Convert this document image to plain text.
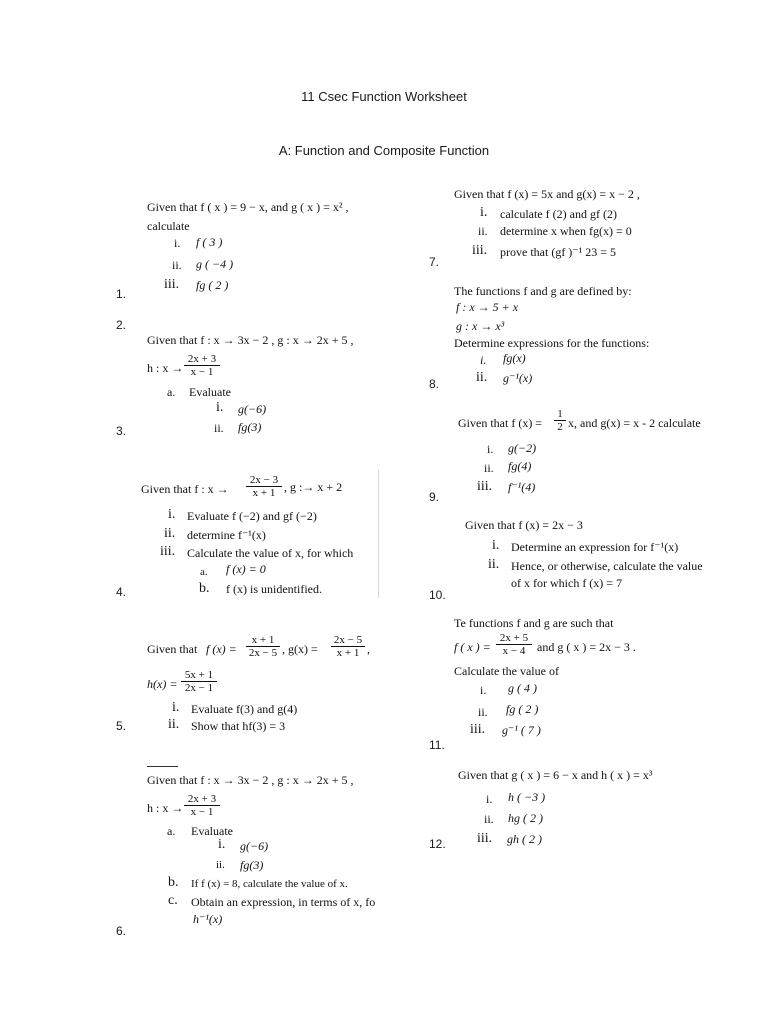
11 Csec Function Worksheet
A: Function and Composite Function
1.
2.
3.
4.
5.
6.
7.
8.
9.
10.
11.
12.
Given that f ( x ) = 9 − x, and g ( x ) = x² ,
calculate
i. f ( 3 )
ii. g ( −4 )
iii. fg ( 2 )
Given that f : x → 3x − 2 , g : x → 2x + 5 ,
h : $x \to \frac{2x + 3}{x - 1}$
a. Evaluate
i. g(−6)
ii. fg(3)
Given that f : $x \to \frac{2x - 3}{x + 1}$ , g :→ x + 2
i. Evaluate f (−2) and gf (−2)
ii. determine f⁻¹(x)
iii. Calculate the value of x, for which
a. f (x) = 0
b. f (x) is unidentified.
Given that f $(x) = \frac{x + 1}{2x - 5}$ , $g(x) = \frac{2x - 5}{x + 1}$ ,
$h(x) = \frac{5x + 1}{2x - 1}$
i. Evaluate f(3) and g(4)
ii. Show that hf(3) = 3
Given that f : x → 3x − 2 , g : x → 2x + 5 ,
h : $x \to \frac{2x + 3}{x - 1}$
a. Evaluate
i. g(−6)
ii. fg(3)
b. If f (x) = 8, calculate the value of x.
c. Obtain an expression, in terms of x, fo
h⁻¹(x)
Given that f (x) = 5x and g(x) = x − 2 ,
i. calculate f (2) and gf (2)
ii. determine x when fg(x) = 0
iii. prove that (gf )⁻¹ 23 = 5
The functions f and g are defined by:
f : x → 5 + x
g : x → x³
Determine expressions for the functions:
i. fg(x)
ii. g⁻¹(x)
Given that f $(x) = \frac{1}{2} x$, and g(x) = x - 2 calculate
i. g(−2)
ii. fg(4)
iii. f⁻¹(4)
Given that f (x) = 2x − 3
i. Determine an expression for f⁻¹(x)
ii. Hence, or otherwise, calculate the value
of x for which f (x) = 7
Te functions f and g are such that
f ( x ) = $\frac{2x + 5}{x - 4}$ and g ( x ) = 2x − 3 .
Calculate the value of
i. g ( 4 )
ii. fg ( 2 )
iii. g⁻¹ ( 7 )
Given that g ( x ) = 6 − x and h ( x ) = x³
i. h ( −3 )
ii. hg ( 2 )
iii. gh ( 2 )
